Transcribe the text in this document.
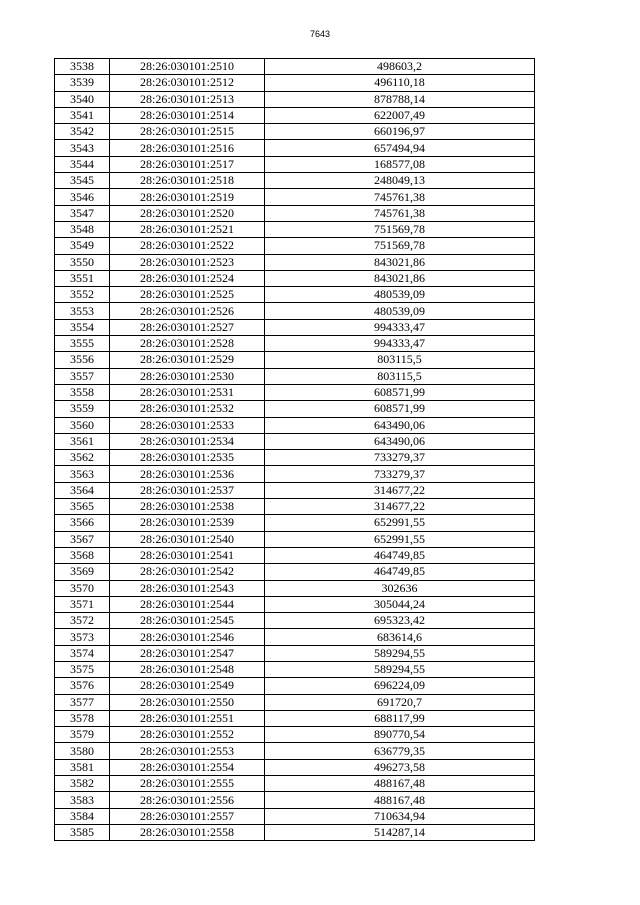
7643
3538	28:26:030101:2510	498603,2
3539	28:26:030101:2512	496110,18
3540	28:26:030101:2513	878788,14
3541	28:26:030101:2514	622007,49
3542	28:26:030101:2515	660196,97
3543	28:26:030101:2516	657494,94
3544	28:26:030101:2517	168577,08
3545	28:26:030101:2518	248049,13
3546	28:26:030101:2519	745761,38
3547	28:26:030101:2520	745761,38
3548	28:26:030101:2521	751569,78
3549	28:26:030101:2522	751569,78
3550	28:26:030101:2523	843021,86
3551	28:26:030101:2524	843021,86
3552	28:26:030101:2525	480539,09
3553	28:26:030101:2526	480539,09
3554	28:26:030101:2527	994333,47
3555	28:26:030101:2528	994333,47
3556	28:26:030101:2529	803115,5
3557	28:26:030101:2530	803115,5
3558	28:26:030101:2531	608571,99
3559	28:26:030101:2532	608571,99
3560	28:26:030101:2533	643490,06
3561	28:26:030101:2534	643490,06
3562	28:26:030101:2535	733279,37
3563	28:26:030101:2536	733279,37
3564	28:26:030101:2537	314677,22
3565	28:26:030101:2538	314677,22
3566	28:26:030101:2539	652991,55
3567	28:26:030101:2540	652991,55
3568	28:26:030101:2541	464749,85
3569	28:26:030101:2542	464749,85
3570	28:26:030101:2543	302636
3571	28:26:030101:2544	305044,24
3572	28:26:030101:2545	695323,42
3573	28:26:030101:2546	683614,6
3574	28:26:030101:2547	589294,55
3575	28:26:030101:2548	589294,55
3576	28:26:030101:2549	696224,09
3577	28:26:030101:2550	691720,7
3578	28:26:030101:2551	688117,99
3579	28:26:030101:2552	890770,54
3580	28:26:030101:2553	636779,35
3581	28:26:030101:2554	496273,58
3582	28:26:030101:2555	488167,48
3583	28:26:030101:2556	488167,48
3584	28:26:030101:2557	710634,94
3585	28:26:030101:2558	514287,14
